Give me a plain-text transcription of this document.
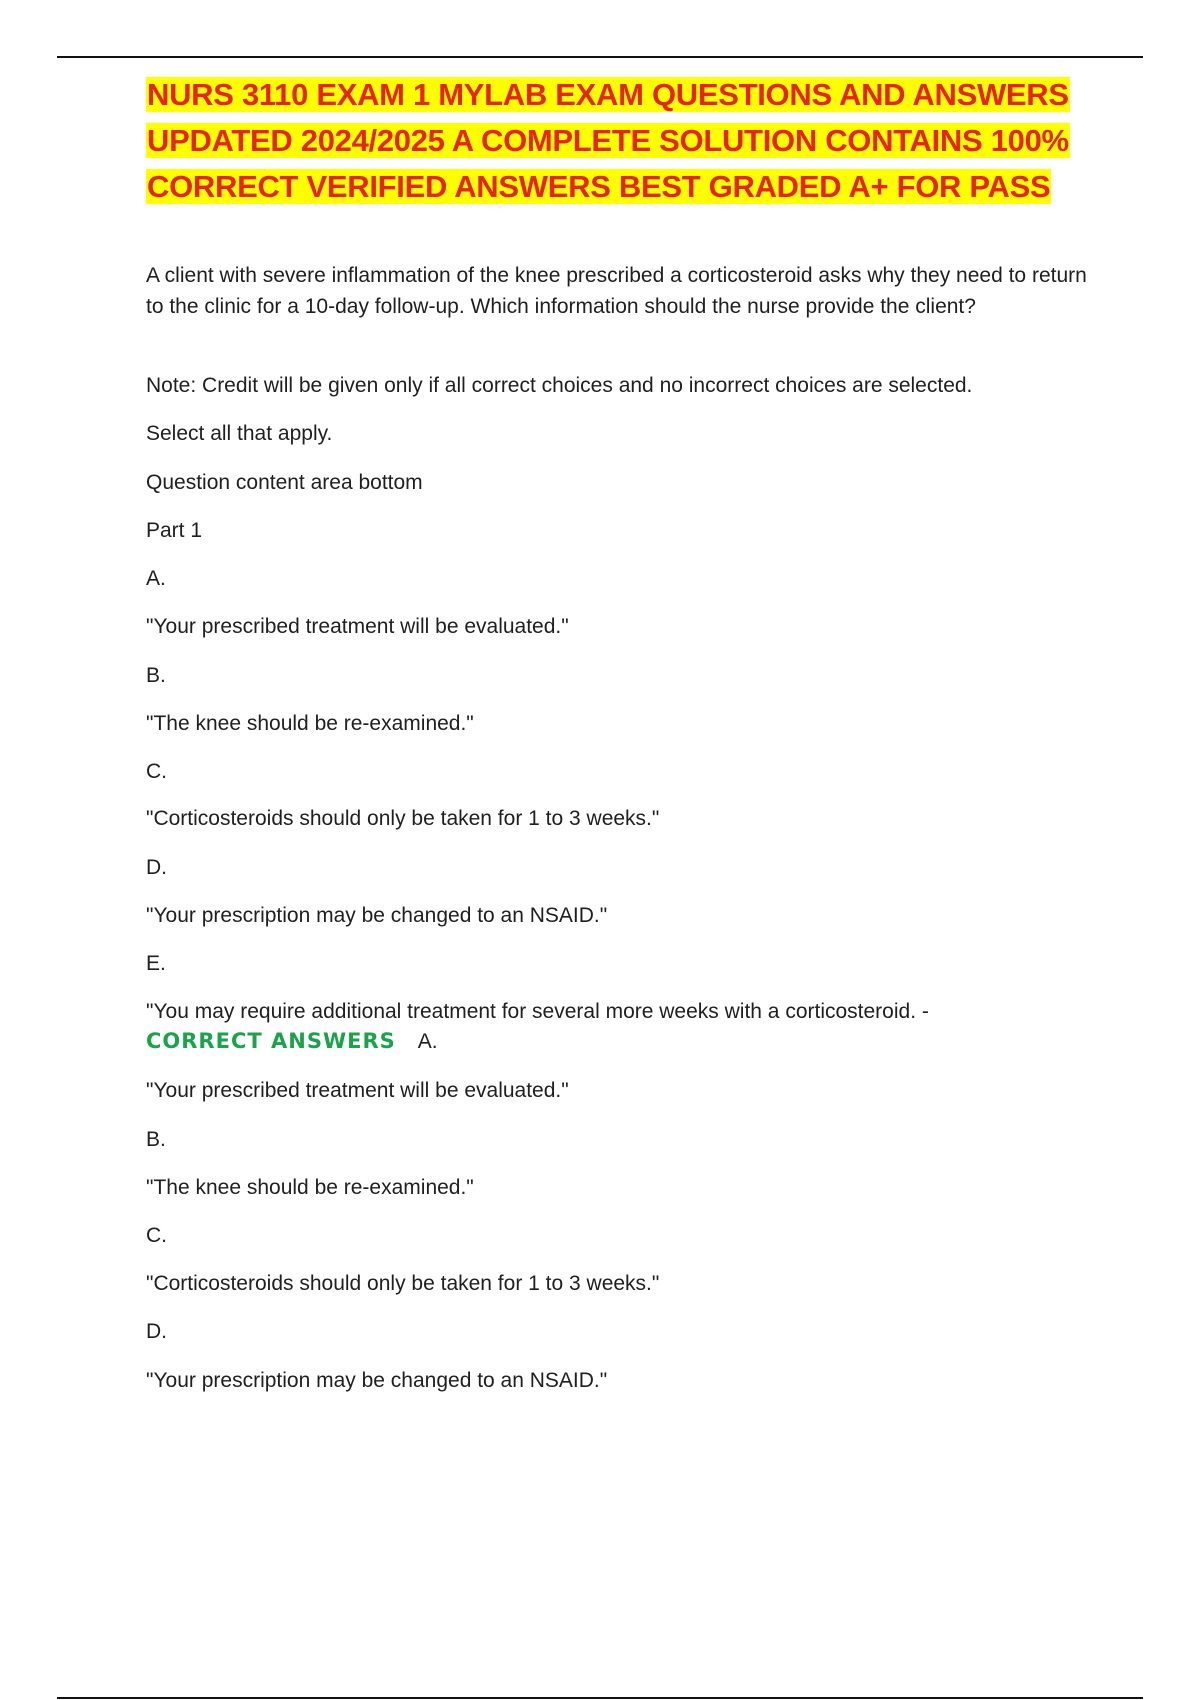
NURS 3110 EXAM 1 MYLAB EXAM QUESTIONS AND ANSWERS UPDATED 2024/2025 A COMPLETE SOLUTION CONTAINS 100% CORRECT VERIFIED ANSWERS BEST GRADED A+ FOR PASS

A client with severe inflammation of the knee prescribed a corticosteroid asks why they need to return to the clinic for a 10-day follow-up. Which information should the nurse provide the client?

Note: Credit will be given only if all correct choices and no incorrect choices are selected.

Select all that apply.

Question content area bottom

Part 1

A.

"Your prescribed treatment will be evaluated."

B.

"The knee should be re-examined."

C.

"Corticosteroids should only be taken for 1 to 3 weeks."

D.

"Your prescription may be changed to an NSAID."

E.

"You may require additional treatment for several more weeks with a corticosteroid. -

CORRECT ANSWERS A.

"Your prescribed treatment will be evaluated."

B.

"The knee should be re-examined."

C.

"Corticosteroids should only be taken for 1 to 3 weeks."

D.

"Your prescription may be changed to an NSAID."
